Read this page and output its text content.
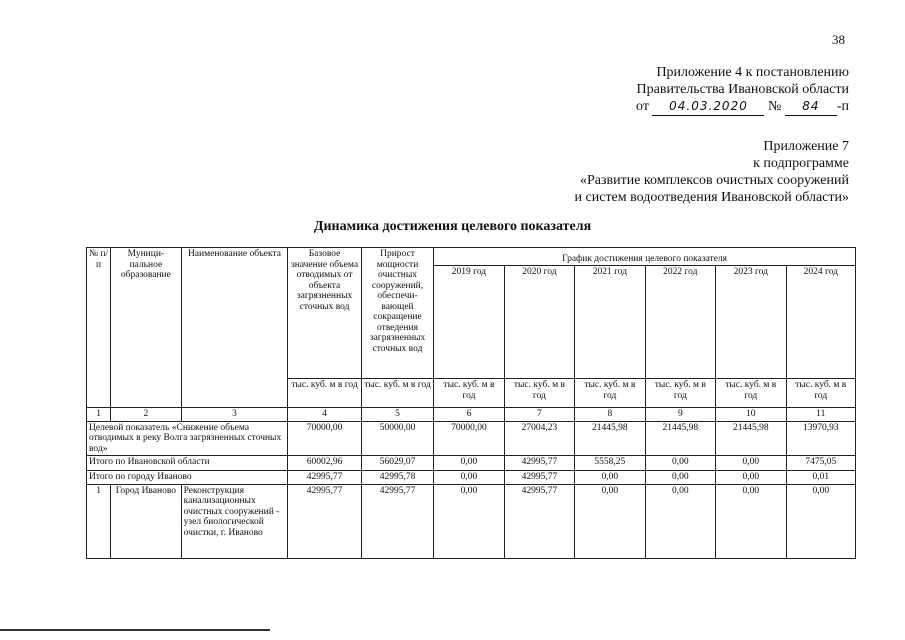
38
Приложение 4 к постановлению
Правительства Ивановской области
от 04.03.2020 № 84 -п
Приложение 7
к подпрограмме
«Развитие комплексов очистных сооружений
и систем водоотведения Ивановской области»
Динамика достижения целевого показателя
№ п/п	Муници-пальное образование	Наименование объекта	Базовое значение объема отводимых от объекта загрязненных сточных вод	Прирост мощности очистных сооружений, обеспечи-вающей сокращение отведения загрязненных сточных вод	График достижения целевого показателя					
					2019 год	2020 год	2021 год	2022 год	2023 год	2024 год
			тыс. куб. м в год	тыс. куб. м в год	тыс. куб. м в год	тыс. куб. м в год	тыс. куб. м в год	тыс. куб. м в год	тыс. куб. м в год	тыс. куб. м в год
1	2	3	4	5	6	7	8	9	10	11
Целевой показатель «Снижение объема отводимых в реку Волга загрязненных сточных вод»			70000,00	50000,00	70000,00	27004,23	21445,98	21445,98	21445,98	13970,93
Итого по Ивановской области			60002,96	56029,07	0,00	42995,77	5558,25	0,00	0,00	7475,05
Итого по городу Иваново			42995,77	42995,78	0,00	42995,77	0,00	0,00	0,00	0,01
1	Город Иваново	Реконструкция канализационных очистных сооружений - узел биологической очистки, г. Иваново	42995,77	42995,77	0,00	42995,77	0,00	0,00	0,00	0,00
